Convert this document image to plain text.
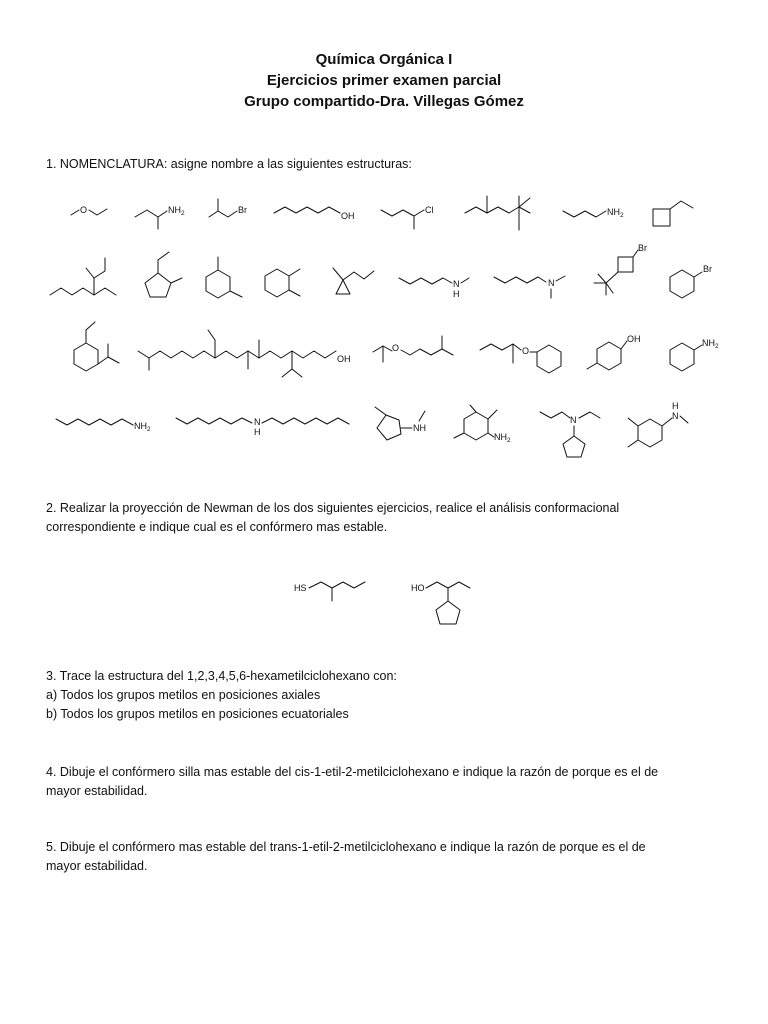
Química Orgánica I
Ejercicios primer examen parcial
Grupo compartido-Dra. Villegas Gómez
1. NOMENCLATURA: asigne nombre a las siguientes estructuras:
2. Realizar la proyección de Newman de los dos siguientes ejercicios, realice el análisis conformacional
correspondiente e indique cual es el confórmero mas estable.
3. Trace la estructura del 1,2,3,4,5,6-hexametilciclohexano con:
a) Todos los grupos metilos en posiciones axiales
b) Todos los grupos metilos en posiciones ecuatoriales
4. Dibuje el confórmero silla mas estable del cis-1-etil-2-metilciclohexano e indique la razón de porque es el de
mayor estabilidad.
5. Dibuje el confórmero mas estable del trans-1-etil-2-metilciclohexano e indique la razón de porque es el de
mayor estabilidad.
O	NH 2	Br
OH
Cl	NH 2
N
H
N
Br
Br
OH
O	O
OH	NH 2
NH 2
N
H	NH
NH 2
N
H
N
HS	HO
